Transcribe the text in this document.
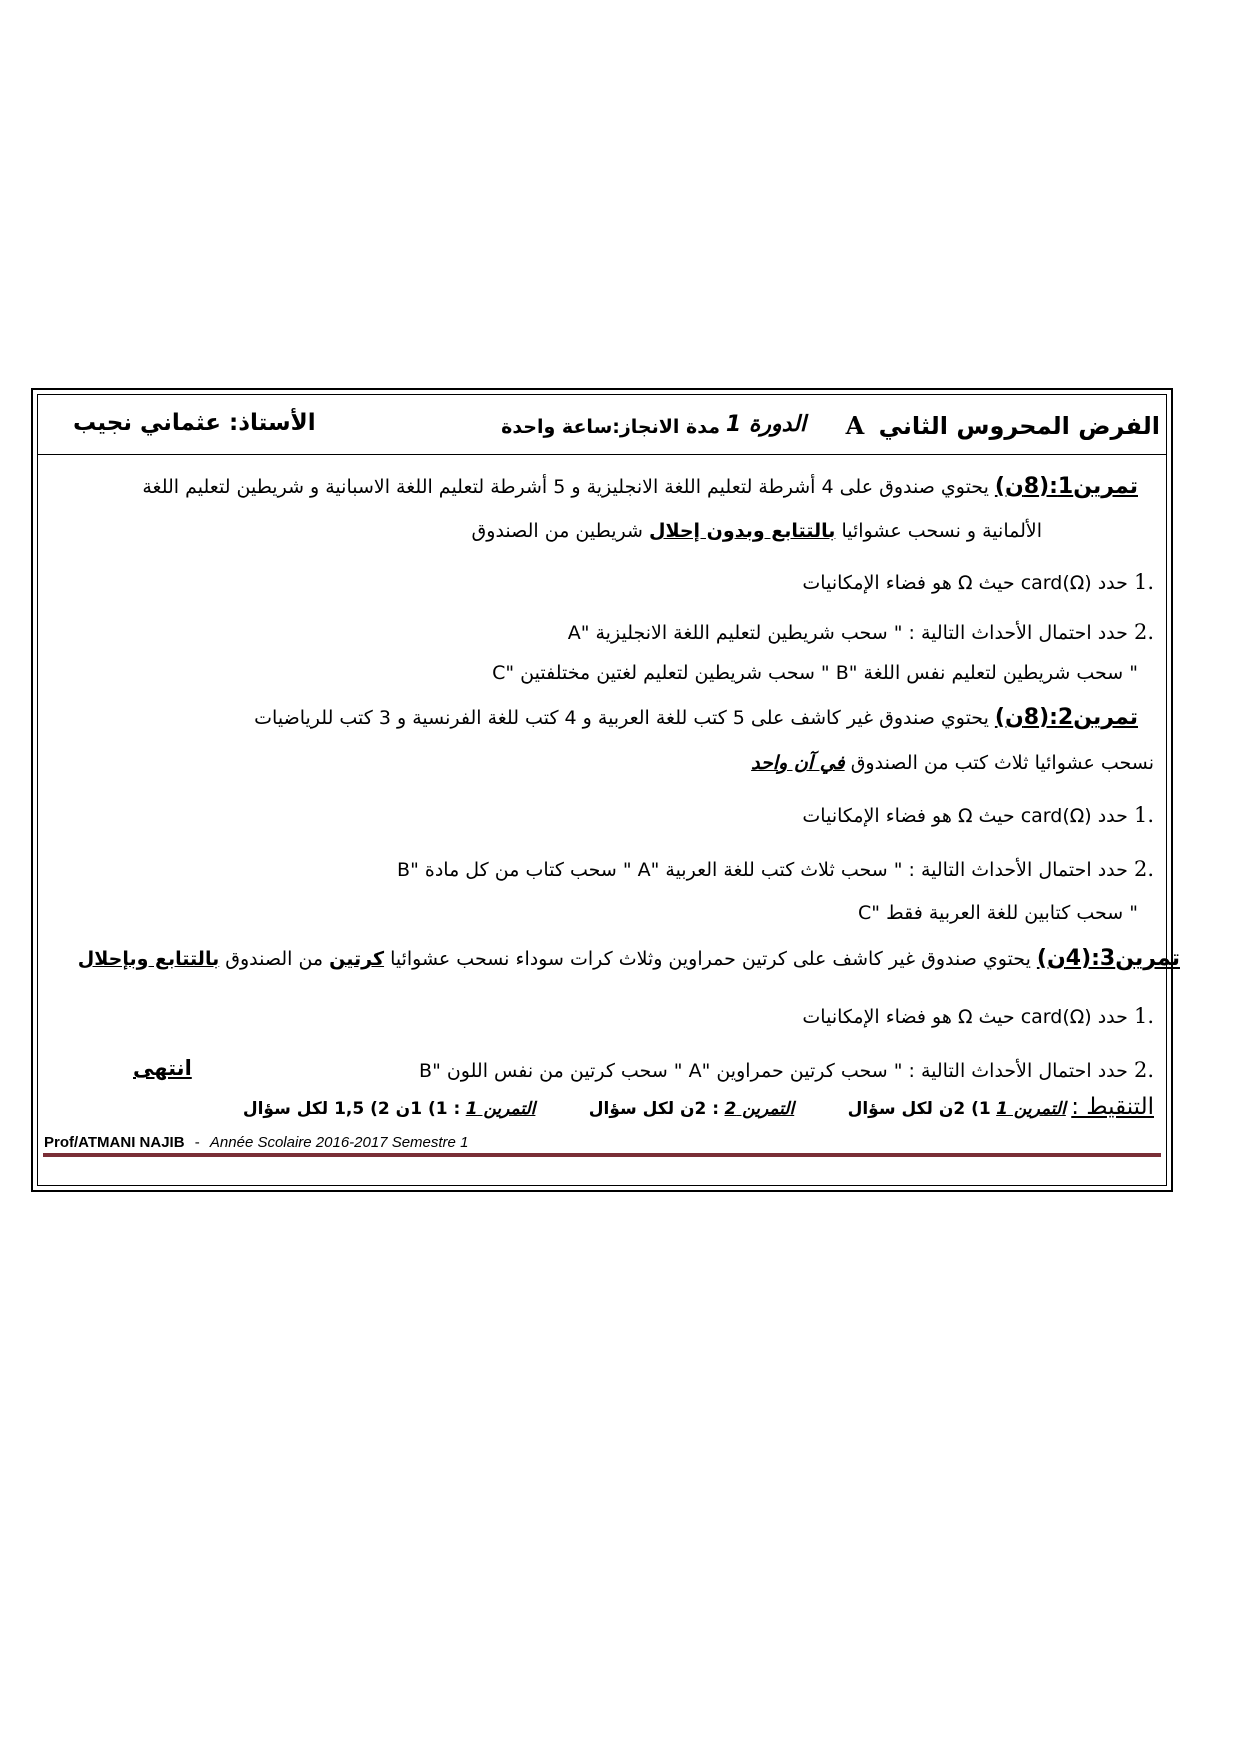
الفرض المحروس الثاني A
الدورة 1
مدة الانجاز:ساعة واحدة
الأستاذ: عثماني نجيب
تمرين1:(8ن) يحتوي صندوق على 4 أشرطة لتعليم اللغة الانجليزية و 5 أشرطة لتعليم اللغة الاسبانية و شريطين لتعليم اللغة
الألمانية و نسحب عشوائيا بالتتابع وبدون إحلال شريطين من الصندوق
.1 حدد card(Ω) حيث Ω هو فضاء الإمكانيات
.2 حدد احتمال الأحداث التالية : " سحب شريطين لتعليم اللغة الانجليزية "A
" سحب شريطين لتعليم نفس اللغة "B " سحب شريطين لتعليم لغتين مختلفتين "C
تمرين2:(8ن) يحتوي صندوق غير كاشف على 5 كتب للغة العربية و 4 كتب للغة الفرنسية و 3 كتب للرياضيات
نسحب عشوائيا ثلاث كتب من الصندوق في آن واحد
.1 حدد card(Ω) حيث Ω هو فضاء الإمكانيات
.2 حدد احتمال الأحداث التالية : " سحب ثلاث كتب للغة العربية "A " سحب كتاب من كل مادة "B
" سحب كتابين للغة العربية فقط "C
تمرين3:(4ن) يحتوي صندوق غير كاشف على كرتين حمراوين وثلاث كرات سوداء نسحب عشوائيا كرتين من الصندوق بالتتابع وبإحلال
.1 حدد card(Ω) حيث Ω هو فضاء الإمكانيات
.2 حدد احتمال الأحداث التالية : " سحب كرتين حمراوين "A " سحب كرتين من نفس اللون "B
انتهى
التنقيط : التمرين 1 1) 2ن لكل سؤال التمرين 2 : 2ن لكل سؤال التمرين 1 : 1) 1ن 2) 1,5 لكل سؤال
Prof/ATMANI NAJIB - Année Scolaire 2016-2017 Semestre 1
